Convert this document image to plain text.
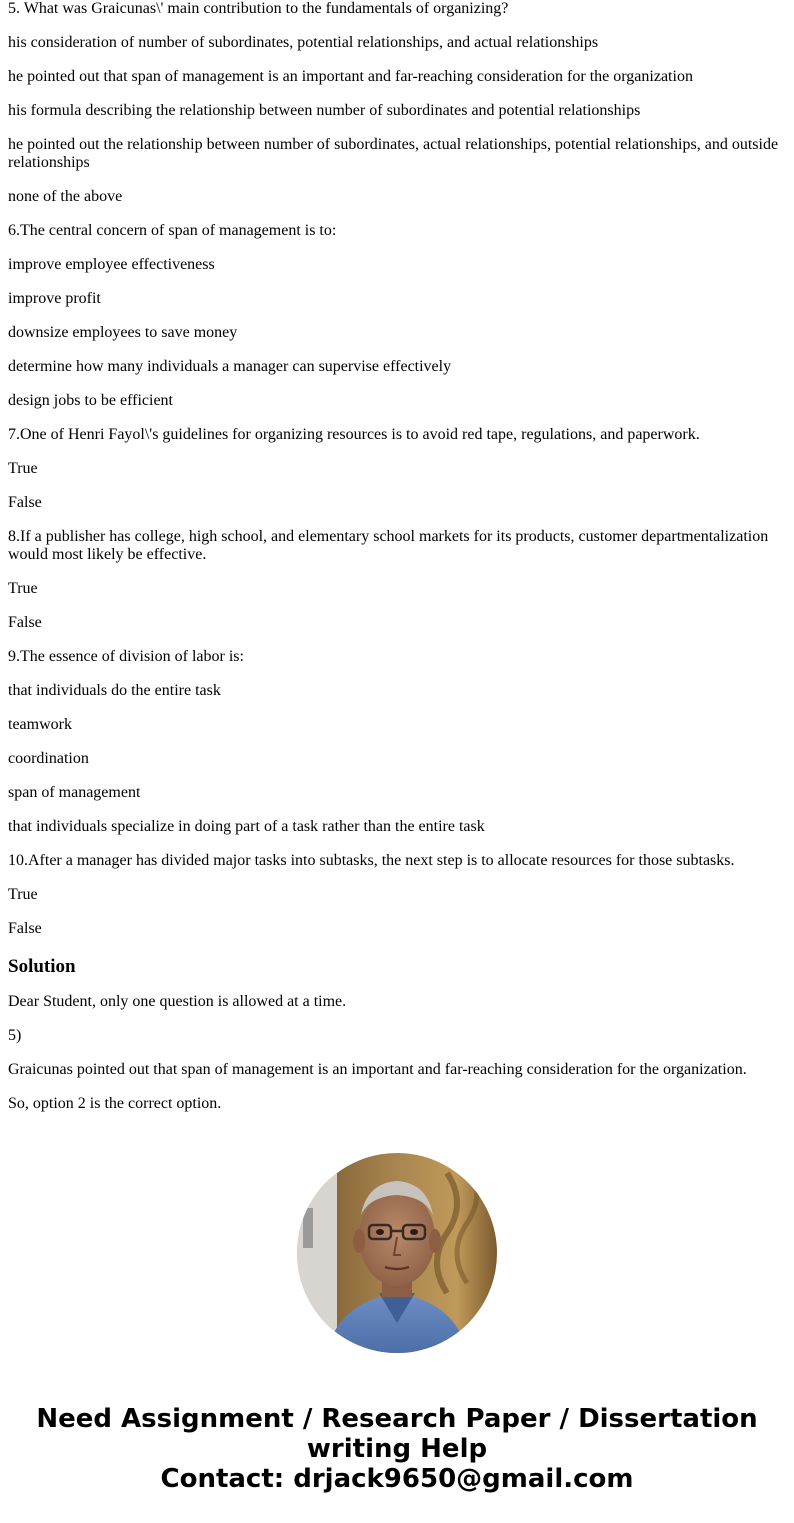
5. What was Graicunas\' main contribution to the fundamentals of organizing?

his consideration of number of subordinates, potential relationships, and actual relationships

he pointed out that span of management is an important and far-reaching consideration for the organization

his formula describing the relationship between number of subordinates and potential relationships

he pointed out the relationship between number of subordinates, actual relationships, potential relationships, and outside relationships

none of the above

6.The central concern of span of management is to:

improve employee effectiveness

improve profit

downsize employees to save money

determine how many individuals a manager can supervise effectively

design jobs to be efficient

7.One of Henri Fayol\'s guidelines for organizing resources is to avoid red tape, regulations, and paperwork.

True

False

8.If a publisher has college, high school, and elementary school markets for its products, customer departmentalization would most likely be effective.

True

False

9.The essence of division of labor is:

that individuals do the entire task

teamwork

coordination

span of management

that individuals specialize in doing part of a task rather than the entire task

10.After a manager has divided major tasks into subtasks, the next step is to allocate resources for those subtasks.

True

False

Solution

Dear Student, only one question is allowed at a time.

5)

Graicunas pointed out that span of management is an important and far-reaching consideration for the organization.

So, option 2 is the correct option.

Need Assignment / Research Paper / Dissertation
writing Help
Contact: drjack9650@gmail.com
